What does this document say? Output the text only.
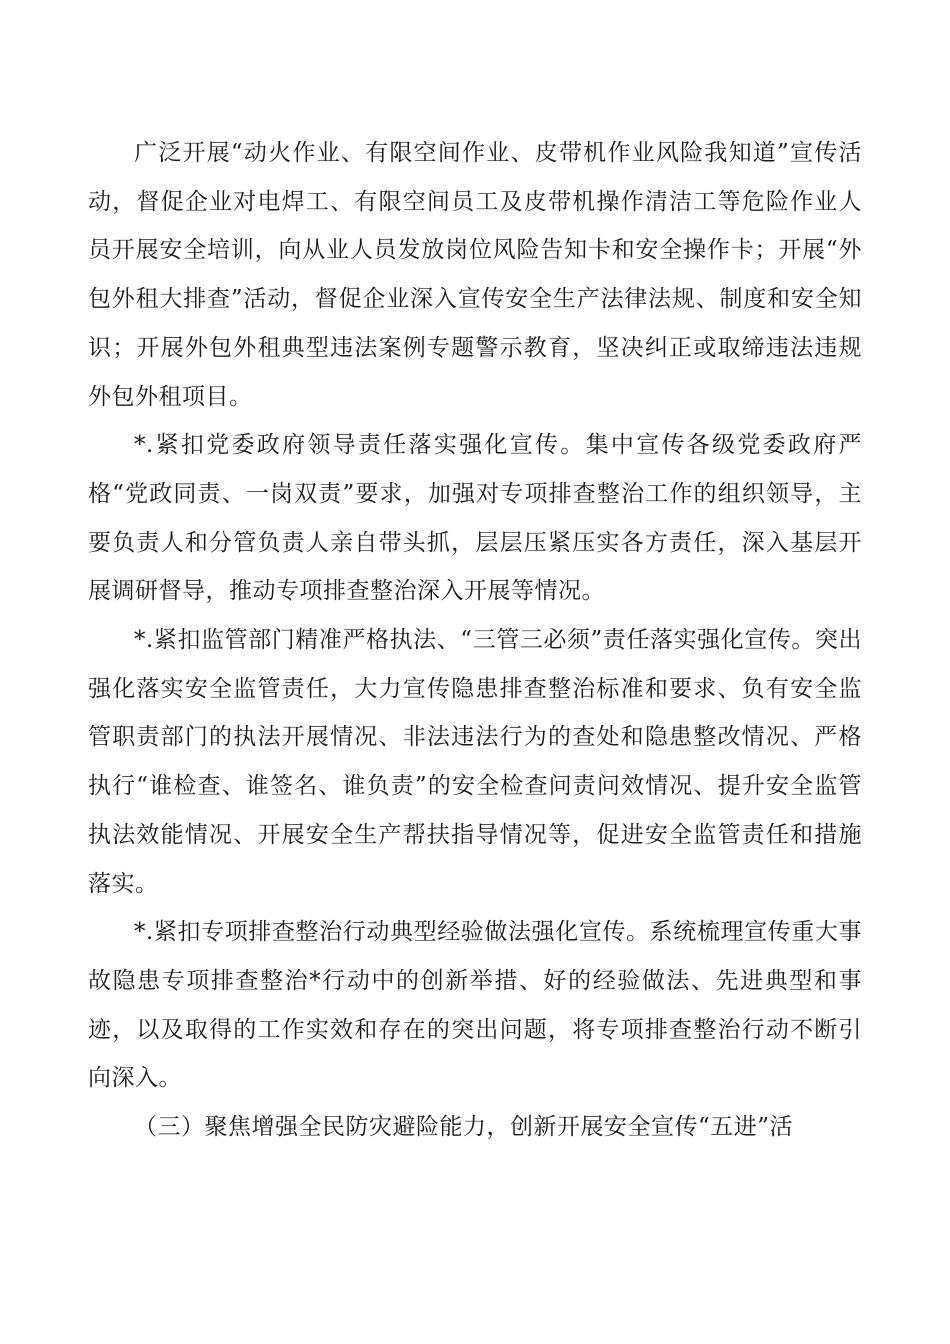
广泛开展“动火作业、有限空间作业、皮带机作业风险我知道”宣传活动，督促企业对电焊工、有限空间员工及皮带机操作清洁工等危险作业人员开展安全培训，向从业人员发放岗位风险告知卡和安全操作卡；开展“外包外租大排查”活动，督促企业深入宣传安全生产法律法规、制度和安全知识；开展外包外租典型违法案例专题警示教育，坚决纠正或取缔违法违规外包外租项目。

*.紧扣党委政府领导责任落实强化宣传。集中宣传各级党委政府严格“党政同责、一岗双责”要求，加强对专项排查整治工作的组织领导，主要负责人和分管负责人亲自带头抓，层层压紧压实各方责任，深入基层开展调研督导，推动专项排查整治深入开展等情况。

*.紧扣监管部门精准严格执法、“三管三必须”责任落实强化宣传。突出强化落实安全监管责任，大力宣传隐患排查整治标准和要求、负有安全监管职责部门的执法开展情况、非法违法行为的查处和隐患整改情况、严格执行“谁检查、谁签名、谁负责”的安全检查问责问效情况、提升安全监管执法效能情况、开展安全生产帮扶指导情况等，促进安全监管责任和措施落实。

*.紧扣专项排查整治行动典型经验做法强化宣传。系统梳理宣传重大事故隐患专项排查整治*行动中的创新举措、好的经验做法、先进典型和事迹，以及取得的工作实效和存在的突出问题，将专项排查整治行动不断引向深入。

（三）聚焦增强全民防灾避险能力，创新开展安全宣传“五进”活
